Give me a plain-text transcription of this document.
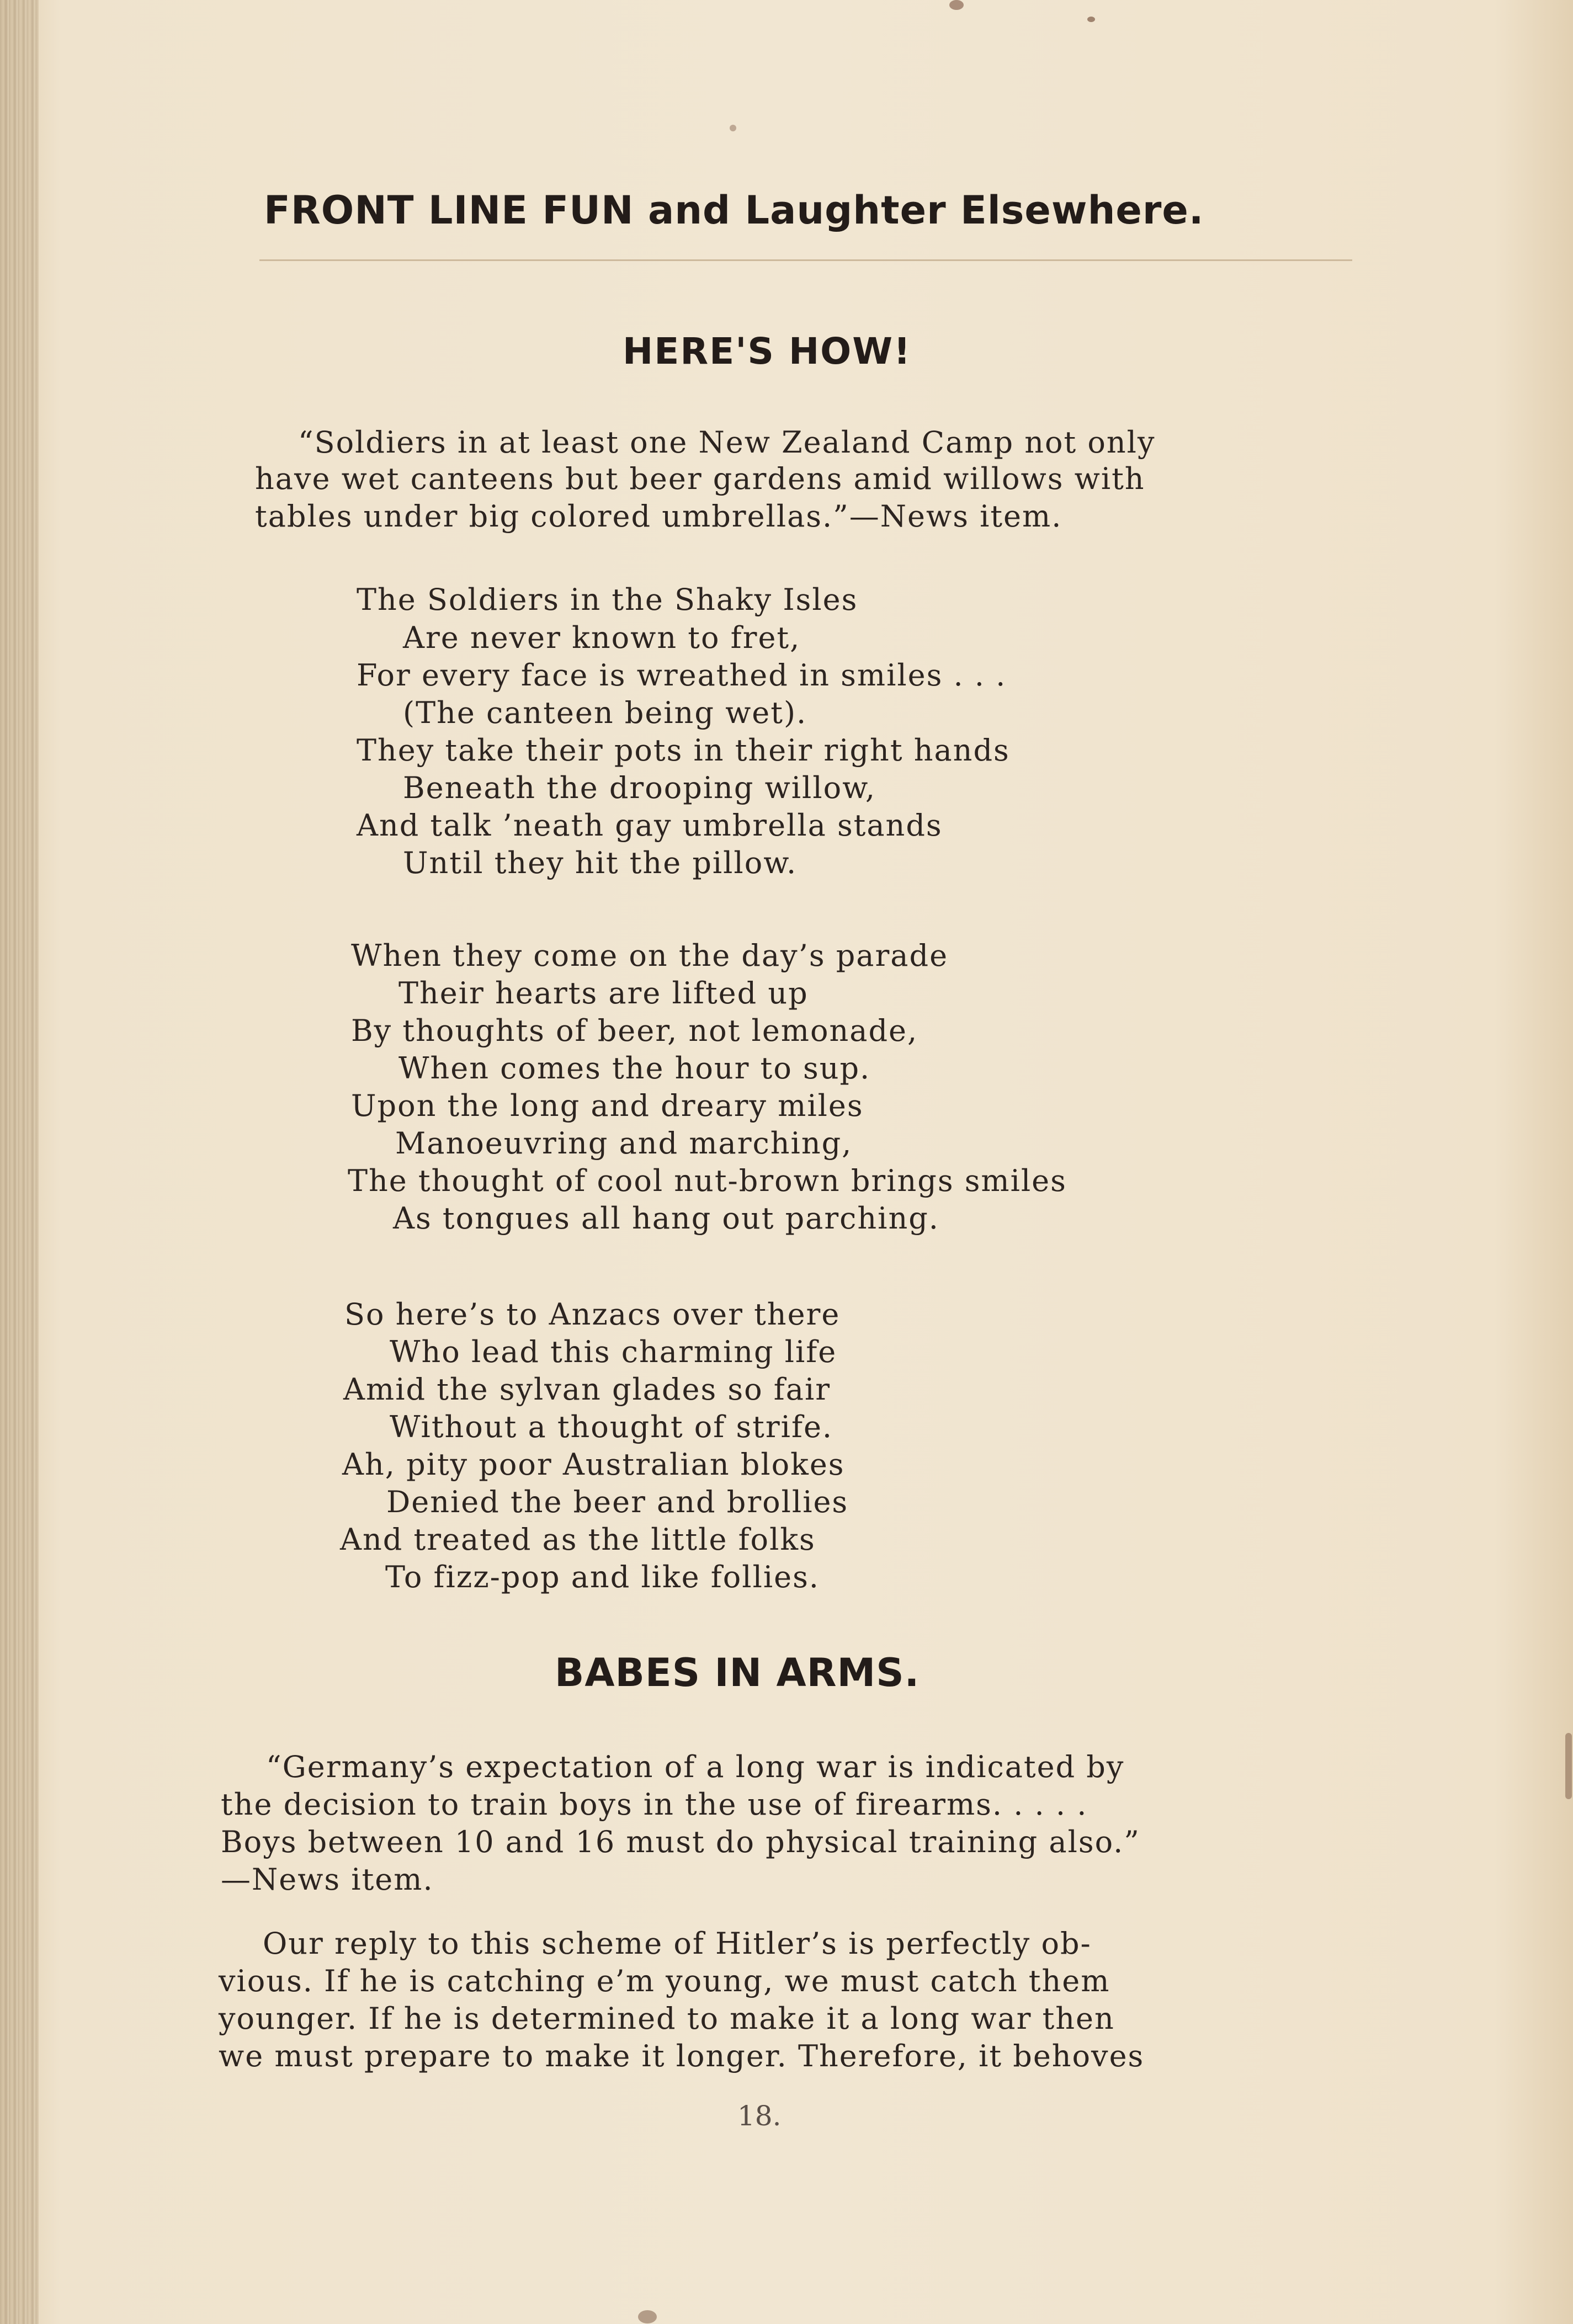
FRONT LINE FUN and Laughter Elsewhere.
HERE'S HOW!
“Soldiers in at least one New Zealand Camp not only
have wet canteens but beer gardens amid willows with
tables under big colored umbrellas.”—News item.
The Soldiers in the Shaky Isles
Are never known to fret,
For every face is wreathed in smiles . . .
(The canteen being wet).
They take their pots in their right hands
Beneath the drooping willow,
And talk ’neath gay umbrella stands
Until they hit the pillow.
When they come on the day’s parade
Their hearts are lifted up
By thoughts of beer, not lemonade,
When comes the hour to sup.
Upon the long and dreary miles
Manoeuvring and marching,
The thought of cool nut-brown brings smiles
As tongues all hang out parching.
So here’s to Anzacs over there
Who lead this charming life
Amid the sylvan glades so fair
Without a thought of strife.
Ah, pity poor Australian blokes
Denied the beer and brollies
And treated as the little folks
To fizz-pop and like follies.
BABES IN ARMS.
“Germany’s expectation of a long war is indicated by
the decision to train boys in the use of firearms. . . . .
Boys between 10 and 16 must do physical training also.”
—News item.
Our reply to this scheme of Hitler’s is perfectly ob-
vious. If he is catching e’m young, we must catch them
younger. If he is determined to make it a long war then
we must prepare to make it longer. Therefore, it behoves
18.
